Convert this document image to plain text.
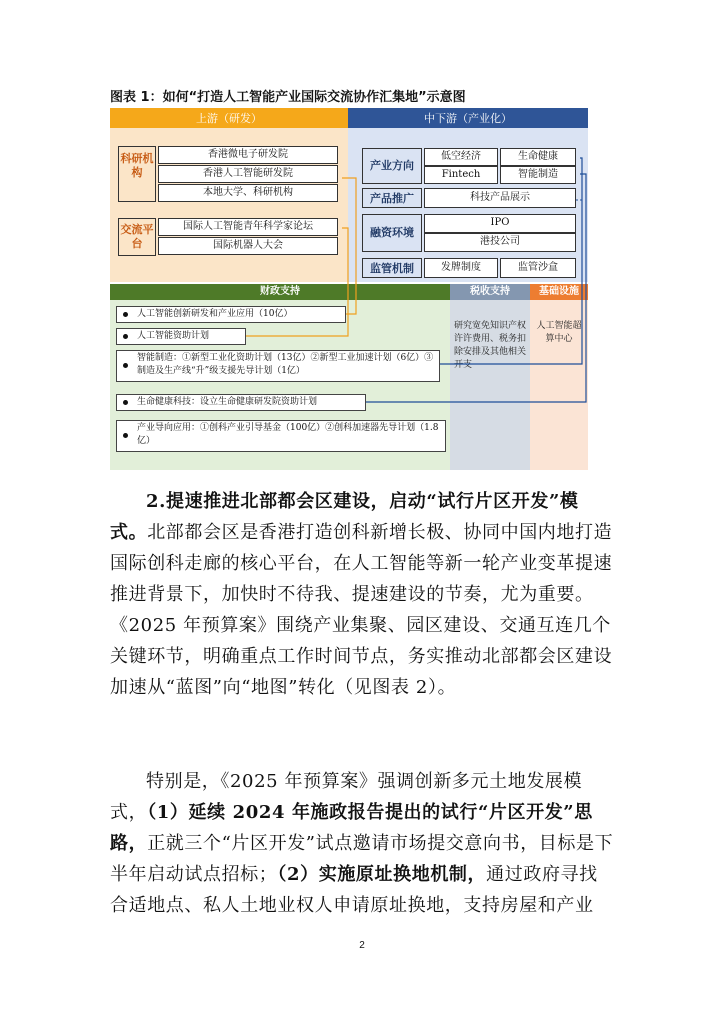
图表 1：如何“打造人工智能产业国际交流协作汇集地”示意图
上游（研发）	中下游（产业化）
科研机构
香港微电子研发院
香港人工智能研发院
本地大学、科研机构
交流平台
国际人工智能青年科学家论坛
国际机器人大会
产业方向
低空经济	生命健康
Fintech	智能制造
产品推广	科技产品展示
融资环境
IPO
港投公司
监管机制	发牌制度	监管沙盒
财政支持	税收支持	基础设施
人工智能创新研发和产业应用（10亿）
人工智能资助计划
智能制造：①新型工业化资助计划（13亿）②新型工业加速计划（6亿）③制造及生产线“升”级支援先导计划（1亿）
生命健康科技：设立生命健康研发院资助计划
产业导向应用：①创科产业引导基金（100亿）②创科加速器先导计划（1.8亿）
研究宽免知识产权许许费用、税务扣除安排及其他相关开支
人工智能超算中心

2.提速推进北部都会区建设，启动“试行片区开发”模式。北部都会区是香港打造创科新增长极、协同中国内地打造国际创科走廊的核心平台，在人工智能等新一轮产业变革提速推进背景下，加快时不待我、提速建设的节奏，尤为重要。《2025 年预算案》围绕产业集聚、园区建设、交通互连几个关键环节，明确重点工作时间节点，务实推动北部都会区建设加速从“蓝图”向“地图”转化（见图表 2）。

特别是，《2025 年预算案》强调创新多元土地发展模式，（1）延续 2024 年施政报告提出的试行“片区开发”思路，正就三个“片区开发”试点邀请市场提交意向书，目标是下半年启动试点招标；（2）实施原址换地机制，通过政府寻找合适地点、私人土地业权人申请原址换地，支持房屋和产业

2
